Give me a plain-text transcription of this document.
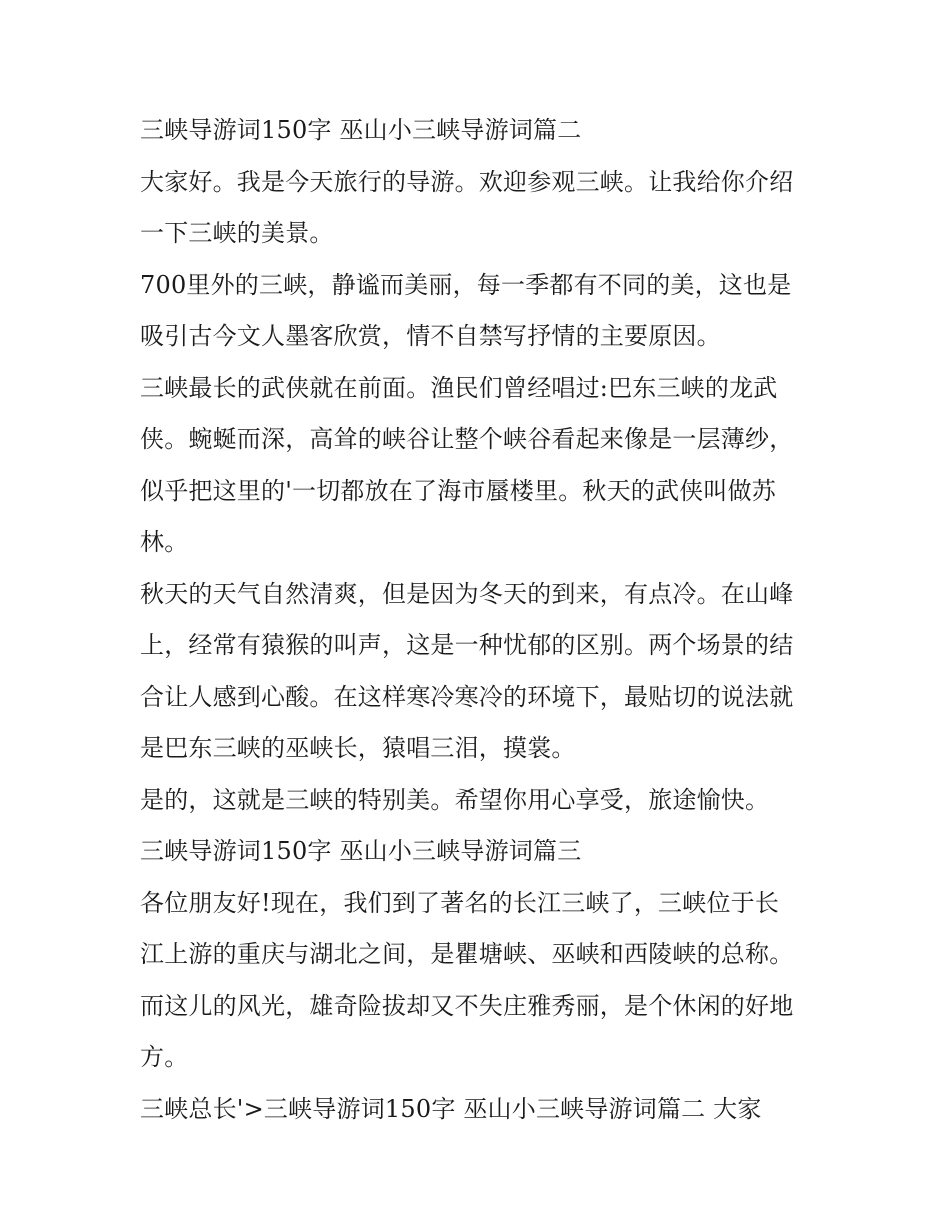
三峡导游词150字 巫山小三峡导游词篇二
大家好。我是今天旅行的导游。欢迎参观三峡。让我给你介绍
一下三峡的美景。
700里外的三峡，静谧而美丽，每一季都有不同的美，这也是
吸引古今文人墨客欣赏，情不自禁写抒情的主要原因。
三峡最长的武侠就在前面。渔民们曾经唱过:巴东三峡的龙武
侠。蜿蜒而深，高耸的峡谷让整个峡谷看起来像是一层薄纱，
似乎把这里的'一切都放在了海市蜃楼里。秋天的武侠叫做苏
林。
秋天的天气自然清爽，但是因为冬天的到来，有点冷。在山峰
上，经常有猿猴的叫声，这是一种忧郁的区别。两个场景的结
合让人感到心酸。在这样寒冷寒冷的环境下，最贴切的说法就
是巴东三峡的巫峡长，猿唱三泪，摸裳。
是的，这就是三峡的特别美。希望你用心享受，旅途愉快。
三峡导游词150字 巫山小三峡导游词篇三
各位朋友好!现在，我们到了著名的长江三峡了，三峡位于长
江上游的重庆与湖北之间，是瞿塘峡、巫峡和西陵峡的总称。
而这儿的风光，雄奇险拔却又不失庄雅秀丽，是个休闲的好地
方。
三峡总长'>三峡导游词150字 巫山小三峡导游词篇二 大家
